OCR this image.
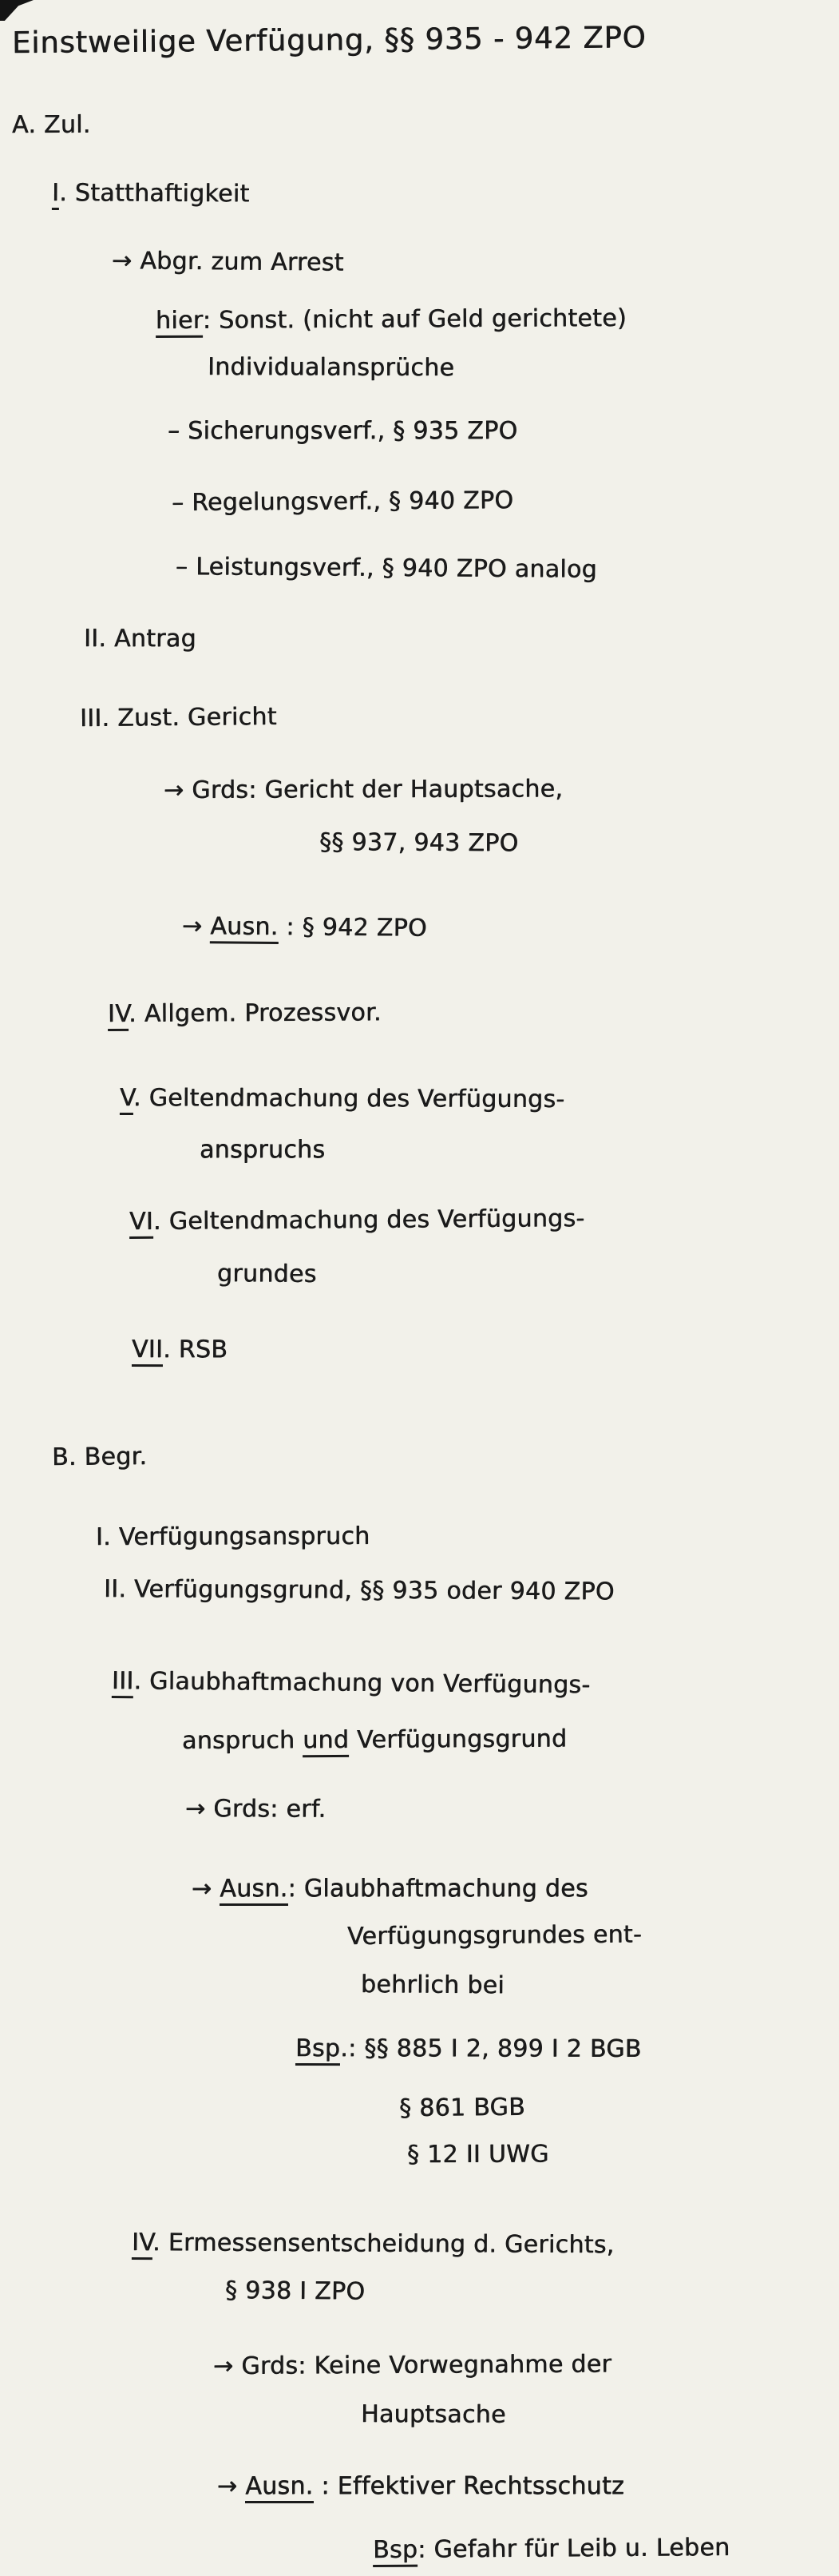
Einstweilige Verfügung, §§ 935 - 942 ZPO
A. Zul.
I. Statthaftigkeit
→ Abgr. zum Arrest
hier: Sonst. (nicht auf Geld gerichtete)
Individualansprüche
– Sicherungsverf., § 935 ZPO
– Regelungsverf., § 940 ZPO
– Leistungsverf., § 940 ZPO analog
II. Antrag
III. Zust. Gericht
→ Grds: Gericht der Hauptsache,
§§ 937, 943 ZPO
→ Ausn. : § 942 ZPO
IV. Allgem. Prozessvor.
V. Geltendmachung des Verfügungs-
anspruchs
VI. Geltendmachung des Verfügungs-
grundes
VII. RSB
B. Begr.
I. Verfügungsanspruch
II. Verfügungsgrund, §§ 935 oder 940 ZPO
III. Glaubhaftmachung von Verfügungs-
anspruch und Verfügungsgrund
→ Grds: erf.
→ Ausn.: Glaubhaftmachung des
Verfügungsgrundes ent-
behrlich bei
Bsp.: §§ 885 I 2, 899 I 2 BGB
§ 861 BGB
§ 12 II UWG
IV. Ermessensentscheidung d. Gerichts,
§ 938 I ZPO
→ Grds: Keine Vorwegnahme der
Hauptsache
→ Ausn. : Effektiver Rechtsschutz
Bsp: Gefahr für Leib u. Leben
